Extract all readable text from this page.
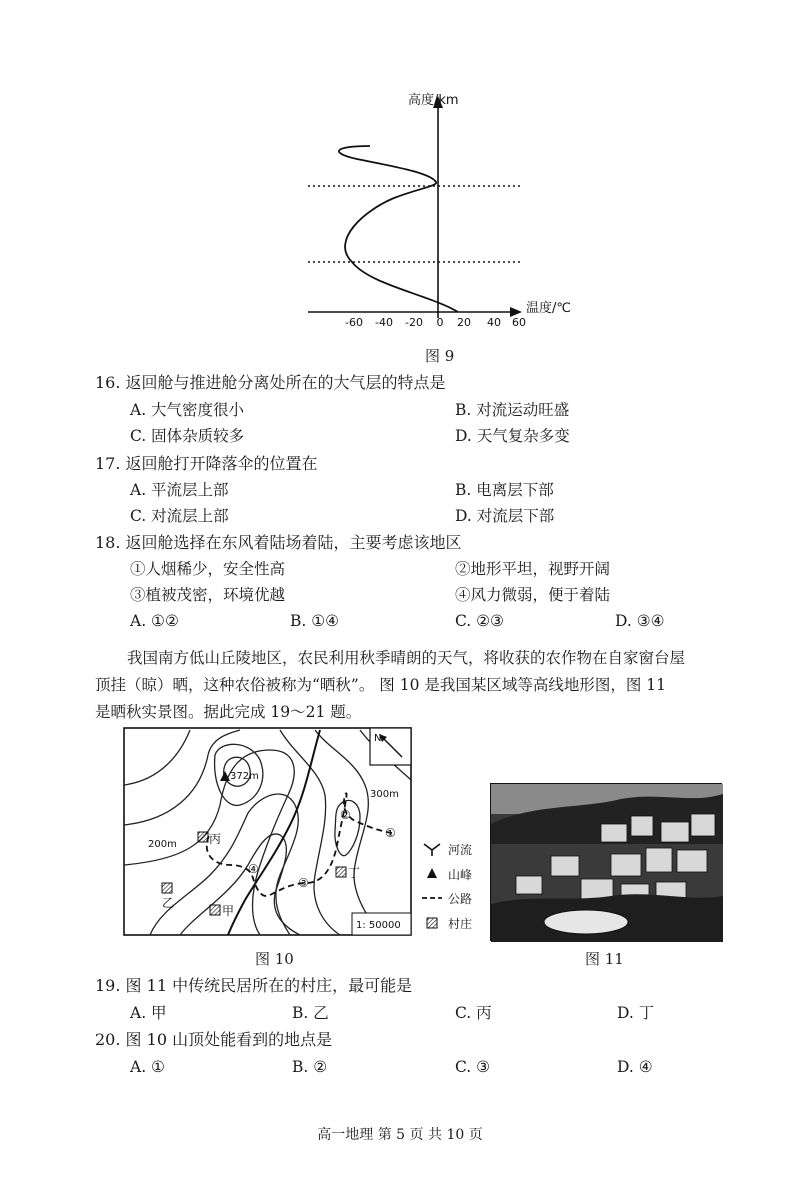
-60 -40 -20 0 20 40 60
高度/km
温度/℃
图 9
16. 返回舱与推进舱分离处所在的大气层的特点是
A. 大气密度很小	B. 对流运动旺盛
C. 固体杂质较多	D. 天气复杂多变
17. 返回舱打开降落伞的位置在
A. 平流层上部	B. 电离层下部
C. 对流层上部	D. 对流层下部
18. 返回舱选择在东风着陆场着陆，主要考虑该地区
①人烟稀少，安全性高	②地形平坦，视野开阔
③植被茂密，环境优越	④风力微弱，便于着陆
A. ①②	B. ①④	C. ②③	D. ③④
我国南方低山丘陵地区，农民利用秋季晴朗的天气，将收获的农作物在自家窗台屋
顶挂（晾）晒，这种农俗被称为“晒秋”。 图 10 是我国某区域等高线地形图，图 11
是晒秋实景图。据此完成 19～21 题。
372m
300m
200m
N
甲
乙
丙
丁
①
②
③
④
1: 50000
河流
山峰
公路
村庄
图 10	图 11
19. 图 11 中传统民居所在的村庄，最可能是
A. 甲	B. 乙	C. 丙	D. 丁
20. 图 10 山顶处能看到的地点是
A. ①	B. ②	C. ③	D. ④
高一地理 第 5 页 共 10 页
